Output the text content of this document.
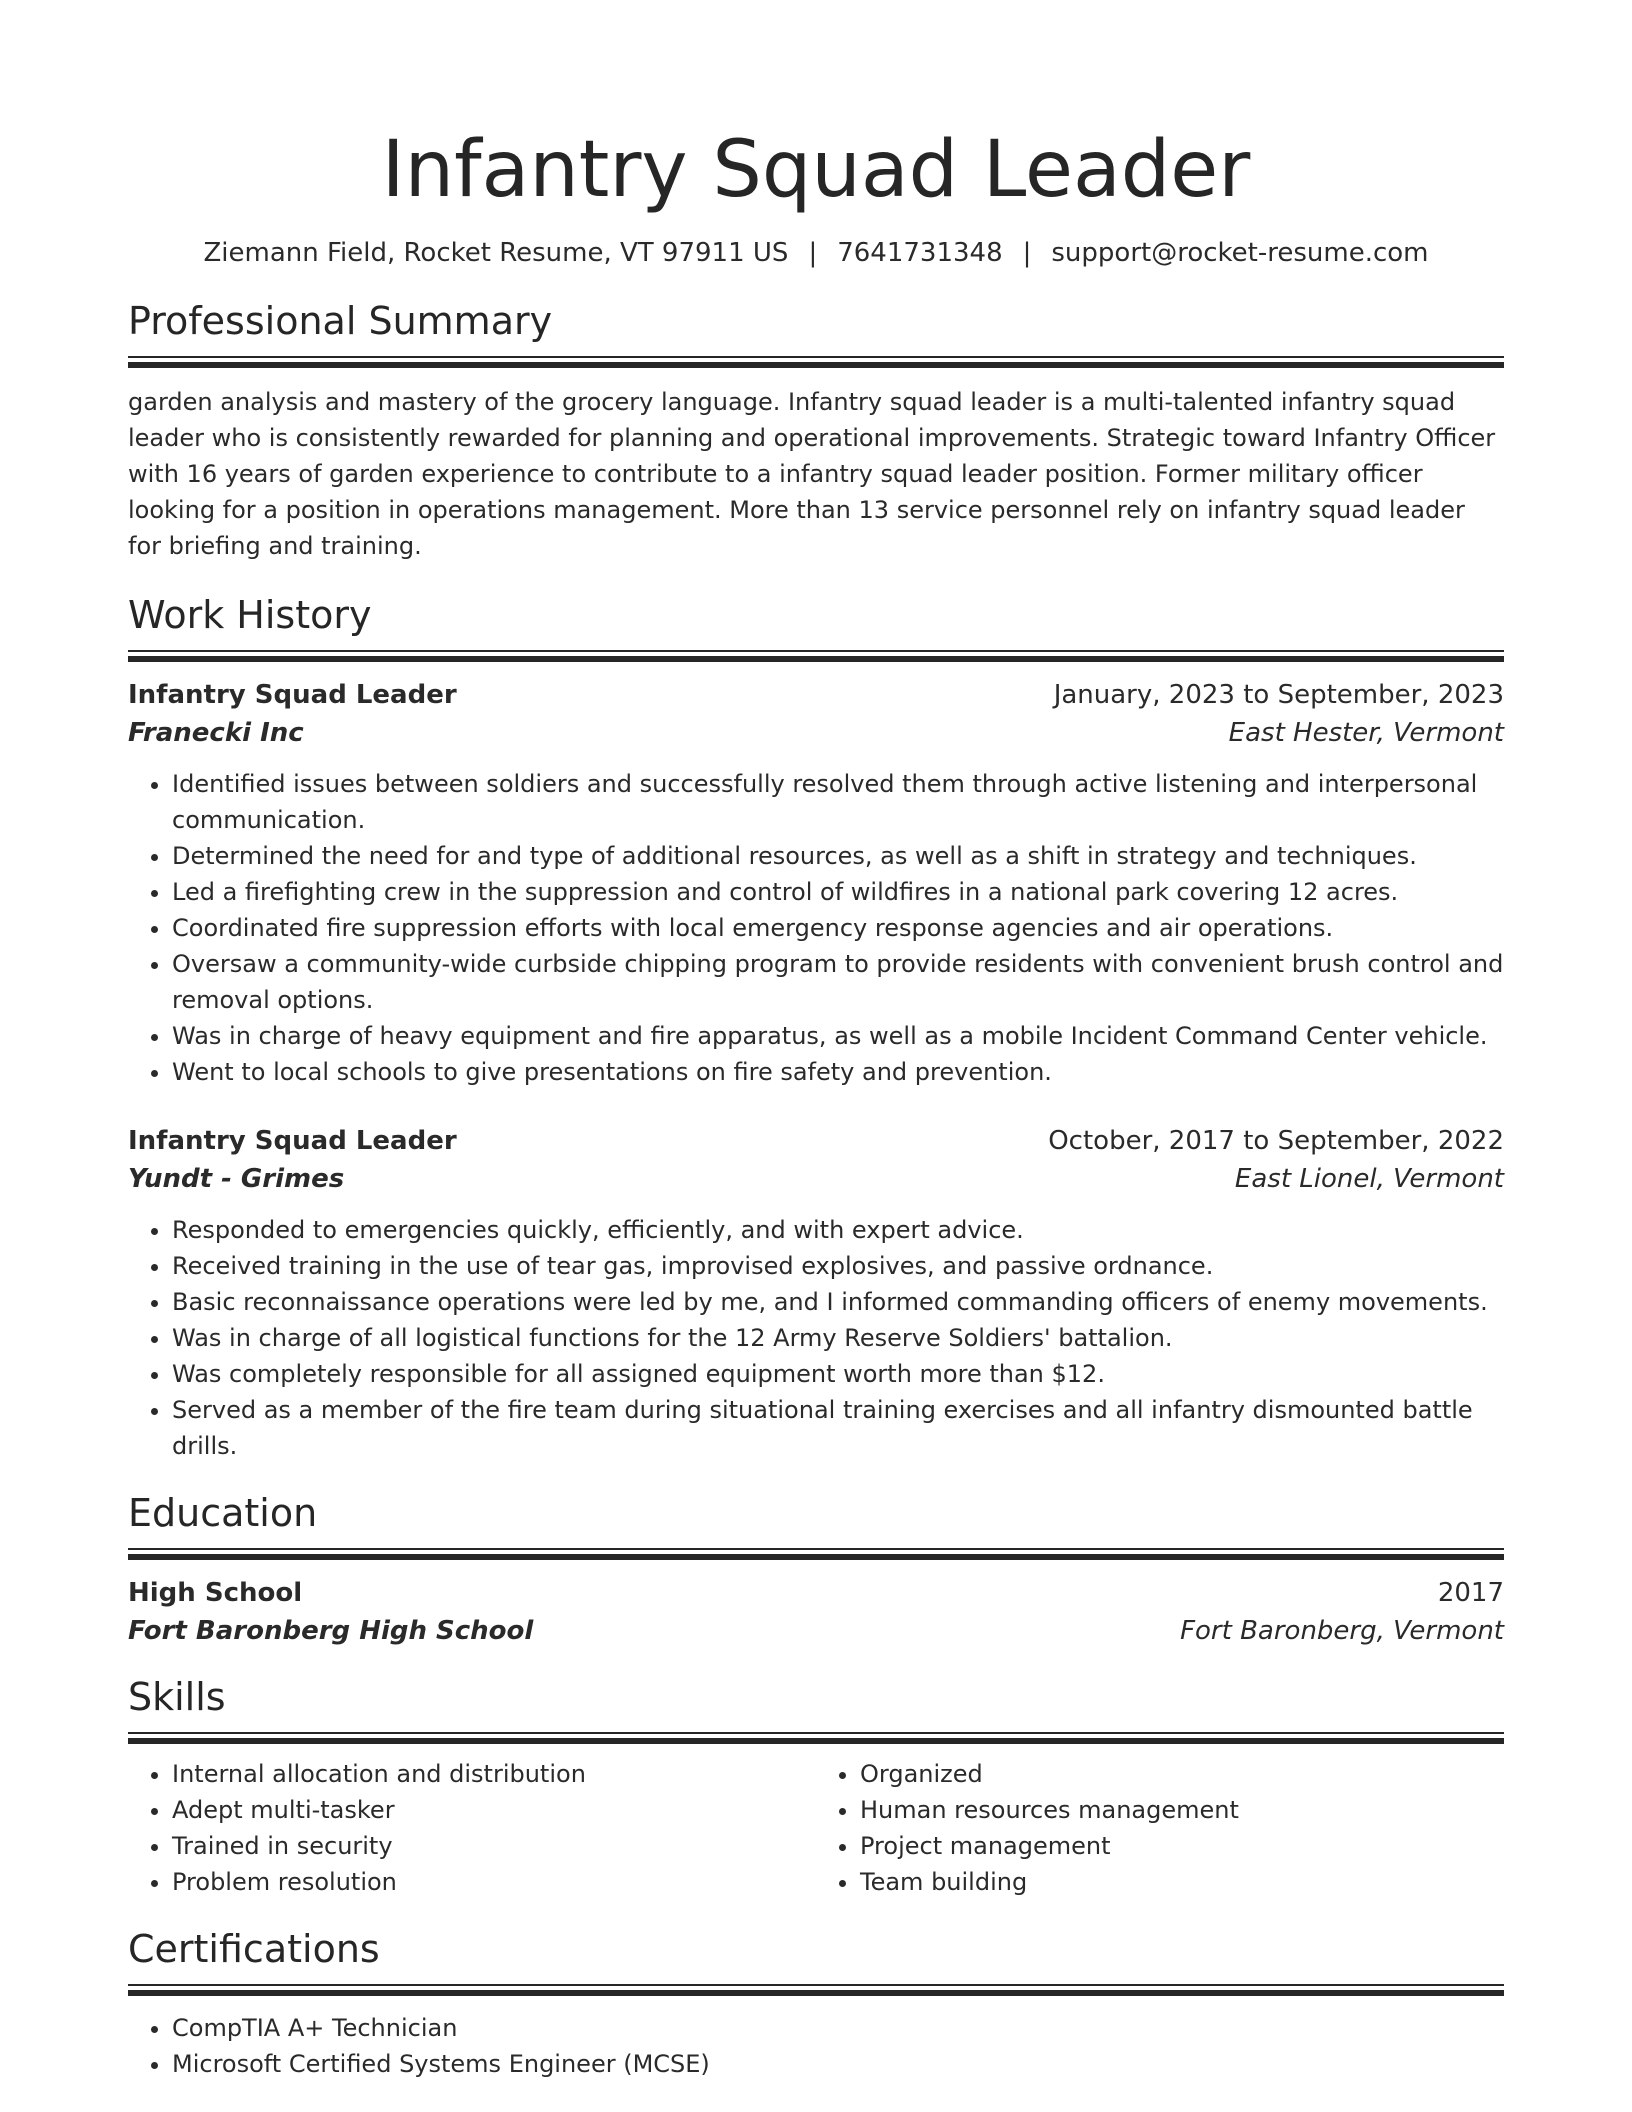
Infantry Squad Leader
Ziemann Field, Rocket Resume, VT 97911 US | 7641731348 | support@rocket-resume.com
Professional Summary
garden analysis and mastery of the grocery language. Infantry squad leader is a multi-talented infantry squad leader who is consistently rewarded for planning and operational improvements. Strategic toward Infantry Officer with 16 years of garden experience to contribute to a infantry squad leader position. Former military officer looking for a position in operations management. More than 13 service personnel rely on infantry squad leader for briefing and training.
Work History
Infantry Squad Leader	January, 2023 to September, 2023
Franecki Inc	East Hester, Vermont
• Identified issues between soldiers and successfully resolved them through active listening and interpersonal communication.
• Determined the need for and type of additional resources, as well as a shift in strategy and techniques.
• Led a firefighting crew in the suppression and control of wildfires in a national park covering 12 acres.
• Coordinated fire suppression efforts with local emergency response agencies and air operations.
• Oversaw a community-wide curbside chipping program to provide residents with convenient brush control and removal options.
• Was in charge of heavy equipment and fire apparatus, as well as a mobile Incident Command Center vehicle.
• Went to local schools to give presentations on fire safety and prevention.
Infantry Squad Leader	October, 2017 to September, 2022
Yundt - Grimes	East Lionel, Vermont
• Responded to emergencies quickly, efficiently, and with expert advice.
• Received training in the use of tear gas, improvised explosives, and passive ordnance.
• Basic reconnaissance operations were led by me, and I informed commanding officers of enemy movements.
• Was in charge of all logistical functions for the 12 Army Reserve Soldiers' battalion.
• Was completely responsible for all assigned equipment worth more than $12.
• Served as a member of the fire team during situational training exercises and all infantry dismounted battle drills.
Education
High School	2017
Fort Baronberg High School	Fort Baronberg, Vermont
Skills
• Internal allocation and distribution
• Adept multi-tasker
• Trained in security
• Problem resolution
• Organized
• Human resources management
• Project management
• Team building
Certifications
• CompTIA A+ Technician
• Microsoft Certified Systems Engineer (MCSE)
